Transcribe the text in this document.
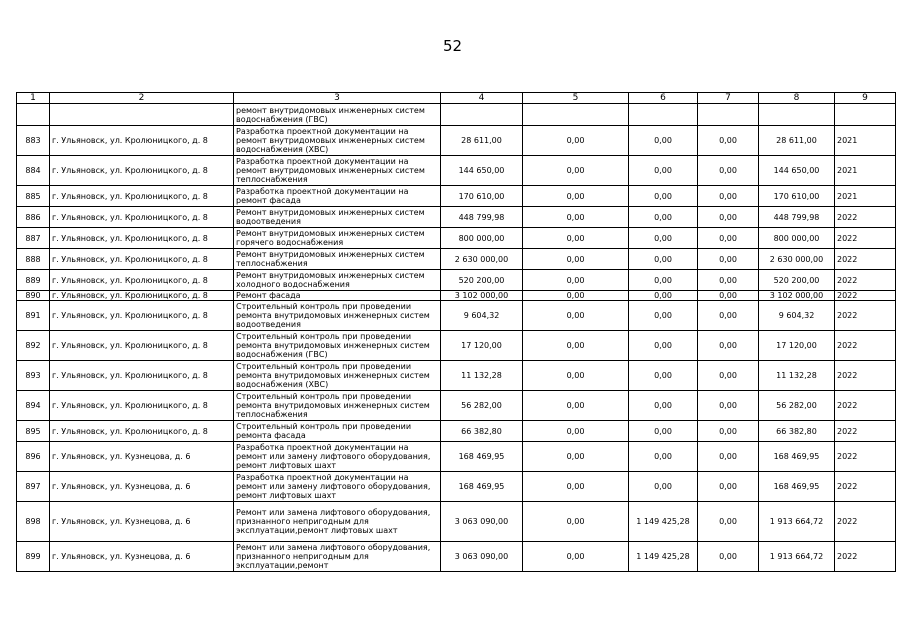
52
1	2	3	4	5	6	7	8	9
		ремонт внутридомовых инженерных систем водоснабжения (ГВС)						
883	г. Ульяновск, ул. Кролюницкого, д. 8	Разработка проектной документации на ремонт внутридомовых инженерных систем водоснабжения (ХВС)	28 611,00	0,00	0,00	0,00	28 611,00	2021
884	г. Ульяновск, ул. Кролюницкого, д. 8	Разработка проектной документации на ремонт внутридомовых инженерных систем теплоснабжения	144 650,00	0,00	0,00	0,00	144 650,00	2021
885	г. Ульяновск, ул. Кролюницкого, д. 8	Разработка проектной документации на ремонт фасада	170 610,00	0,00	0,00	0,00	170 610,00	2021
886	г. Ульяновск, ул. Кролюницкого, д. 8	Ремонт внутридомовых инженерных систем водоотведения	448 799,98	0,00	0,00	0,00	448 799,98	2022
887	г. Ульяновск, ул. Кролюницкого, д. 8	Ремонт внутридомовых инженерных систем горячего водоснабжения	800 000,00	0,00	0,00	0,00	800 000,00	2022
888	г. Ульяновск, ул. Кролюницкого, д. 8	Ремонт внутридомовых инженерных систем теплоснабжения	2 630 000,00	0,00	0,00	0,00	2 630 000,00	2022
889	г. Ульяновск, ул. Кролюницкого, д. 8	Ремонт внутридомовых инженерных систем холодного водоснабжения	520 200,00	0,00	0,00	0,00	520 200,00	2022
890	г. Ульяновск, ул. Кролюницкого, д. 8	Ремонт фасада	3 102 000,00	0,00	0,00	0,00	3 102 000,00	2022
891	г. Ульяновск, ул. Кролюницкого, д. 8	Строительный контроль при проведении ремонта внутридомовых инженерных систем водоотведения	9 604,32	0,00	0,00	0,00	9 604,32	2022
892	г. Ульяновск, ул. Кролюницкого, д. 8	Строительный контроль при проведении ремонта внутридомовых инженерных систем водоснабжения (ГВС)	17 120,00	0,00	0,00	0,00	17 120,00	2022
893	г. Ульяновск, ул. Кролюницкого, д. 8	Строительный контроль при проведении ремонта внутридомовых инженерных систем водоснабжения (ХВС)	11 132,28	0,00	0,00	0,00	11 132,28	2022
894	г. Ульяновск, ул. Кролюницкого, д. 8	Строительный контроль при проведении ремонта внутридомовых инженерных систем теплоснабжения	56 282,00	0,00	0,00	0,00	56 282,00	2022
895	г. Ульяновск, ул. Кролюницкого, д. 8	Строительный контроль при проведении ремонта фасада	66 382,80	0,00	0,00	0,00	66 382,80	2022
896	г. Ульяновск, ул. Кузнецова, д. 6	Разработка проектной документации на ремонт или замену лифтового оборудования, ремонт лифтовых шахт	168 469,95	0,00	0,00	0,00	168 469,95	2022
897	г. Ульяновск, ул. Кузнецова, д. 6	Разработка проектной документации на ремонт или замену лифтового оборудования, ремонт лифтовых шахт	168 469,95	0,00	0,00	0,00	168 469,95	2022
898	г. Ульяновск, ул. Кузнецова, д. 6	Ремонт или замена лифтового оборудования, признанного непригодным для эксплуатации,ремонт лифтовых шахт	3 063 090,00	0,00	1 149 425,28	0,00	1 913 664,72	2022
899	г. Ульяновск, ул. Кузнецова, д. 6	Ремонт или замена лифтового оборудования, признанного непригодным для эксплуатации,ремонт	3 063 090,00	0,00	1 149 425,28	0,00	1 913 664,72	2022
